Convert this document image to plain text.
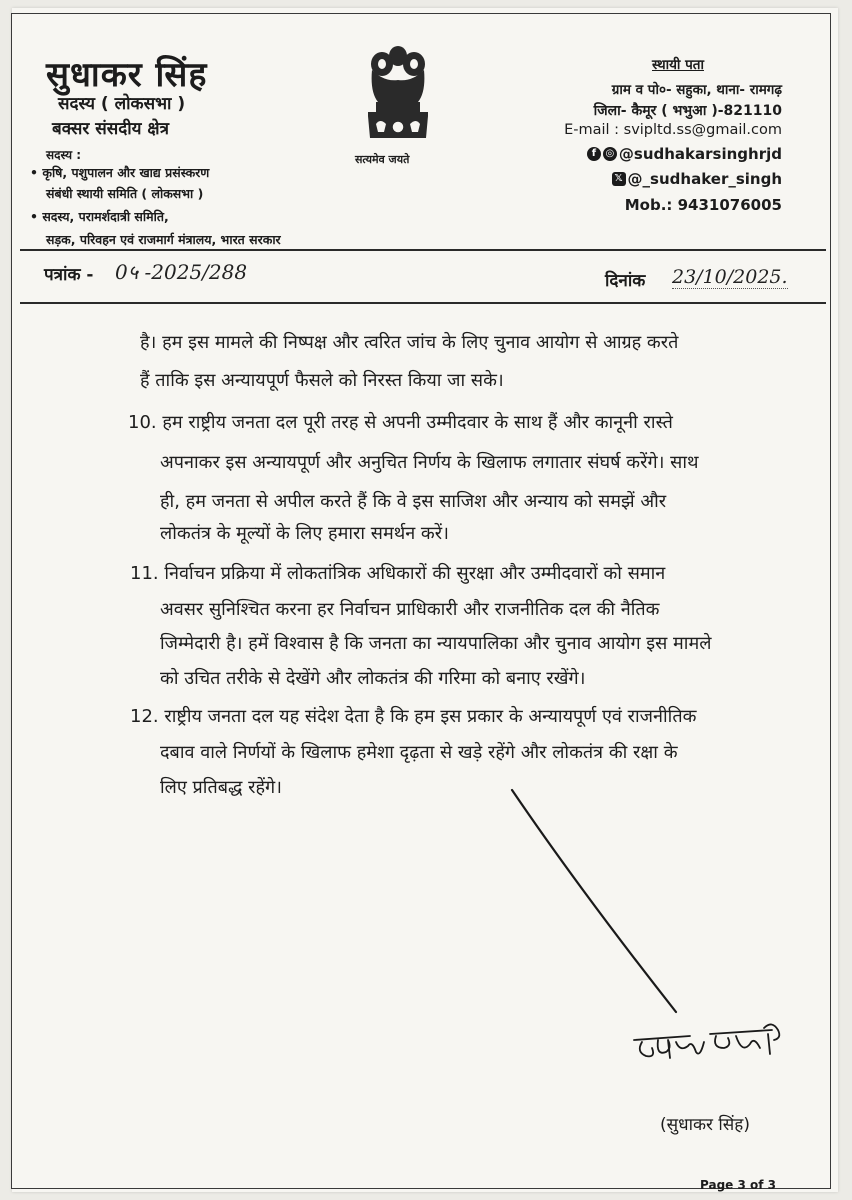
सुधाकर सिंह
सदस्य ( लोकसभा )
बक्सर संसदीय क्षेत्र
सदस्य :
• कृषि, पशुपालन और खाद्य प्रसंस्करण
संबंधी स्थायी समिति ( लोकसभा )
• सदस्य, परामर्शदात्री समिति,
सड़क, परिवहन एवं राजमार्ग मंत्रालय, भारत सरकार
सत्यमेव जयते
स्थायी पता
ग्राम व पो०- सहुका, थाना- रामगढ़
जिला- कैमूर ( भभुआ )-821110
E-mail : svipltd.ss@gmail.com
f ◎ @sudhakarsinghrjd
𝕏 @_sudhaker_singh
Mob.: 9431076005
पत्रांक - 0५ -2025/288	दिनांक 23/10/2025.
है। हम इस मामले की निष्पक्ष और त्वरित जांच के लिए चुनाव आयोग से आग्रह करते
हैं ताकि इस अन्यायपूर्ण फैसले को निरस्त किया जा सके।
10. हम राष्ट्रीय जनता दल पूरी तरह से अपनी उम्मीदवार के साथ हैं और कानूनी रास्ते
अपनाकर इस अन्यायपूर्ण और अनुचित निर्णय के खिलाफ लगातार संघर्ष करेंगे। साथ
ही, हम जनता से अपील करते हैं कि वे इस साजिश और अन्याय को समझें और
लोकतंत्र के मूल्यों के लिए हमारा समर्थन करें।
11. निर्वाचन प्रक्रिया में लोकतांत्रिक अधिकारों की सुरक्षा और उम्मीदवारों को समान
अवसर सुनिश्चित करना हर निर्वाचन प्राधिकारी और राजनीतिक दल की नैतिक
जिम्मेदारी है। हमें विश्वास है कि जनता का न्यायपालिका और चुनाव आयोग इस मामले
को उचित तरीके से देखेंगे और लोकतंत्र की गरिमा को बनाए रखेंगे।
12. राष्ट्रीय जनता दल यह संदेश देता है कि हम इस प्रकार के अन्यायपूर्ण एवं राजनीतिक
दबाव वाले निर्णयों के खिलाफ हमेशा दृढ़ता से खड़े रहेंगे और लोकतंत्र की रक्षा के
लिए प्रतिबद्ध रहेंगे।
(सुधाकर सिंह)
Page 3 of 3
